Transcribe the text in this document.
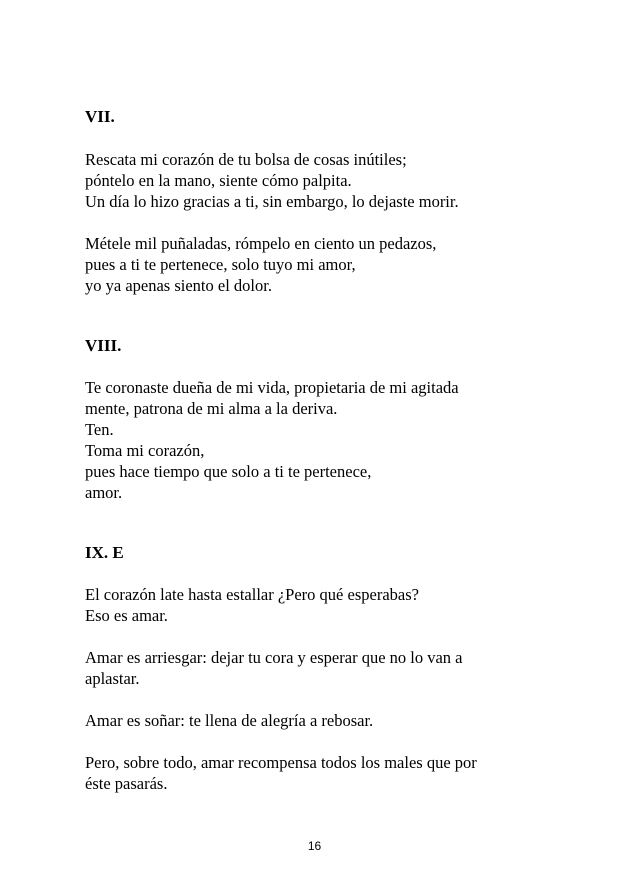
VII.
Rescata mi corazón de tu bolsa de cosas inútiles;
póntelo en la mano, siente cómo palpita.
Un día lo hizo gracias a ti, sin embargo, lo dejaste morir.
Métele mil puñaladas, rómpelo en ciento un pedazos,
pues a ti te pertenece, solo tuyo mi amor,
yo ya apenas siento el dolor.
VIII.
Te coronaste dueña de mi vida, propietaria de mi agitada
mente, patrona de mi alma a la deriva.
Ten.
Toma mi corazón,
pues hace tiempo que solo a ti te pertenece,
amor.
IX. E
El corazón late hasta estallar ¿Pero qué esperabas?
Eso es amar.
Amar es arriesgar: dejar tu cora y esperar que no lo van a
aplastar.
Amar es soñar: te llena de alegría a rebosar.
Pero, sobre todo, amar recompensa todos los males que por
éste pasarás.
16
